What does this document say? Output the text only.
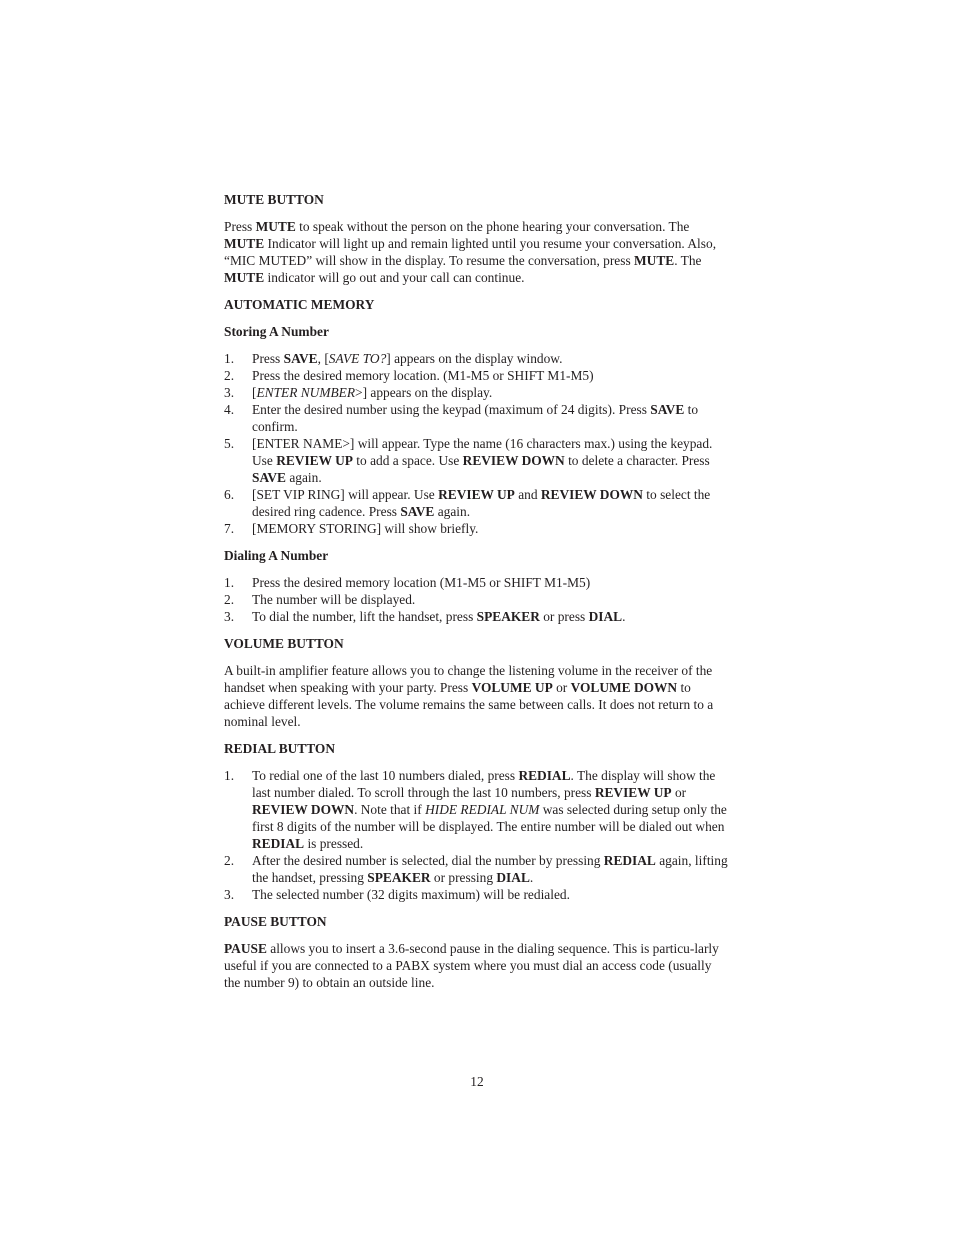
MUTE BUTTON

Press MUTE to speak without the person on the phone hearing your conversation. The MUTE Indicator will light up and remain lighted until you resume your conversation. Also, “MIC MUTED” will show in the display. To resume the conversation, press MUTE. The MUTE indicator will go out and your call can continue.

AUTOMATIC MEMORY
Storing A Number
1. Press SAVE, [SAVE TO?] appears on the display window.
2. Press the desired memory location. (M1-M5 or SHIFT M1-M5)
3. [ENTER NUMBER>] appears on the display.
4. Enter the desired number using the keypad (maximum of 24 digits). Press SAVE to confirm.
5. [ENTER NAME>] will appear. Type the name (16 characters max.) using the keypad. Use REVIEW UP to add a space. Use REVIEW DOWN to delete a character. Press SAVE again.
6. [SET VIP RING] will appear. Use REVIEW UP and REVIEW DOWN to select the desired ring cadence. Press SAVE again.
7. [MEMORY STORING] will show briefly.
Dialing A Number
1. Press the desired memory location (M1-M5 or SHIFT M1-M5)
2. The number will be displayed.
3. To dial the number, lift the handset, press SPEAKER or press DIAL.
VOLUME BUTTON

A built-in amplifier feature allows you to change the listening volume in the receiver of the handset when speaking with your party. Press VOLUME UP or VOLUME DOWN to achieve different levels. The volume remains the same between calls. It does not return to a nominal level.

REDIAL BUTTON
1. To redial one of the last 10 numbers dialed, press REDIAL. The display will show the last number dialed. To scroll through the last 10 numbers, press REVIEW UP or REVIEW DOWN. Note that if HIDE REDIAL NUM was selected during setup only the first 8 digits of the number will be displayed. The entire number will be dialed out when REDIAL is pressed.
2. After the desired number is selected, dial the number by pressing REDIAL again, lifting the handset, pressing SPEAKER or pressing DIAL.
3. The selected number (32 digits maximum) will be redialed.
PAUSE BUTTON

PAUSE allows you to insert a 3.6-second pause in the dialing sequence. This is particu-larly useful if you are connected to a PABX system where you must dial an access code (usually the number 9) to obtain an outside line.

12
